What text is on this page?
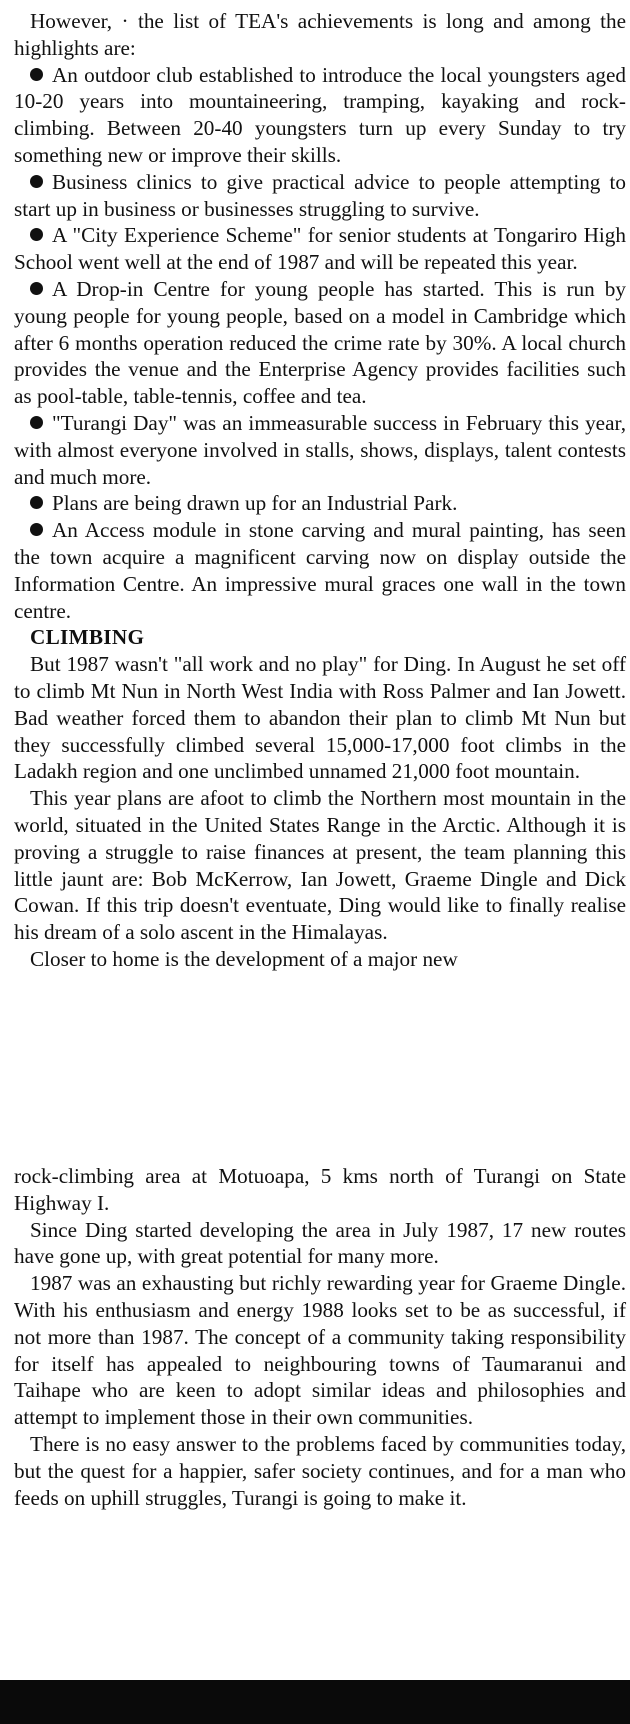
However, · the list of TEA's achievements is long and among the highlights are:

An outdoor club established to introduce the local youngsters aged 10-20 years into mountaineering, tramping, kayaking and rock-climbing. Between 20-40 youngsters turn up every Sunday to try something new or improve their skills.

Business clinics to give practical advice to people attempting to start up in business or businesses struggling to survive.

A "City Experience Scheme" for senior students at Tongariro High School went well at the end of 1987 and will be repeated this year.

A Drop-in Centre for young people has started. This is run by young people for young people, based on a model in Cambridge which after 6 months operation reduced the crime rate by 30%. A local church provides the venue and the Enterprise Agency provides facilities such as pool-table, table-tennis, coffee and tea.

"Turangi Day" was an immeasurable success in February this year, with almost everyone involved in stalls, shows, displays, talent contests and much more.

Plans are being drawn up for an Industrial Park.

An Access module in stone carving and mural painting, has seen the town acquire a magnificent carving now on display outside the Information Centre. An impressive mural graces one wall in the town centre.

CLIMBING

But 1987 wasn't "all work and no play" for Ding. In August he set off to climb Mt Nun in North West India with Ross Palmer and Ian Jowett. Bad weather forced them to abandon their plan to climb Mt Nun but they successfully climbed several 15,000-17,000 foot climbs in the Ladakh region and one unclimbed unnamed 21,000 foot mountain.

This year plans are afoot to climb the Northern most mountain in the world, situated in the United States Range in the Arctic. Although it is proving a struggle to raise finances at present, the team planning this little jaunt are: Bob McKerrow, Ian Jowett, Graeme Dingle and Dick Cowan. If this trip doesn't eventuate, Ding would like to finally realise his dream of a solo ascent in the Himalayas.

Closer to home is the development of a major new

rock-climbing area at Motuoapa, 5 kms north of Turangi on State Highway I.

Since Ding started developing the area in July 1987, 17 new routes have gone up, with great potential for many more.

1987 was an exhausting but richly rewarding year for Graeme Dingle. With his enthusiasm and energy 1988 looks set to be as successful, if not more than 1987. The concept of a community taking responsibility for itself has appealed to neighbouring towns of Taumaranui and Taihape who are keen to adopt similar ideas and philosophies and attempt to implement those in their own communities.

There is no easy answer to the problems faced by communities today, but the quest for a happier, safer society continues, and for a man who feeds on uphill struggles, Turangi is going to make it.
